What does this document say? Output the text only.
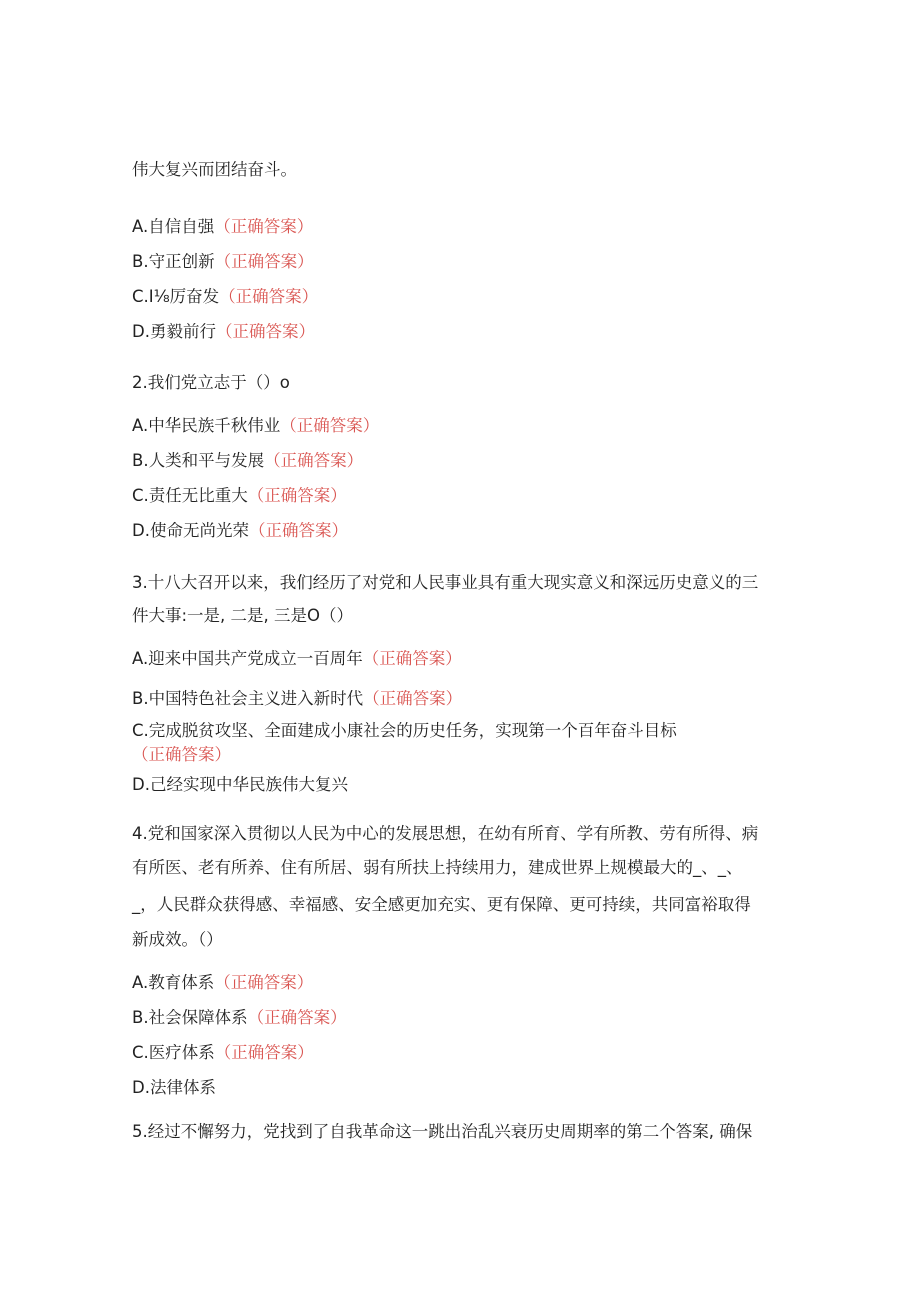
伟大复兴而团结奋斗。
A.自信自强（正确答案）
B.守正创新（正确答案）
C.I⅛厉奋发（正确答案）
D.勇毅前行（正确答案）
2.我们党立志于（）o
A.中华民族千秋伟业（正确答案）
B.人类和平与发展（正确答案）
C.责任无比重大（正确答案）
D.使命无尚光荣（正确答案）
3.十八大召开以来，我们经历了对党和人民事业具有重大现实意义和深远历史意义的三
件大事:一是, 二是, 三是O（）
A.迎来中国共产党成立一百周年（正确答案）
B.中国特色社会主义进入新时代（正确答案）
C.完成脱贫攻坚、全面建成小康社会的历史任务，实现第一个百年奋斗目标（正确答案）
D.己经实现中华民族伟大复兴
4.党和国家深入贯彻以人民为中心的发展思想，在幼有所育、学有所教、劳有所得、病
有所医、老有所养、住有所居、弱有所扶上持续用力，建成世界上规模最大的_、_、
_，人民群众获得感、幸福感、安全感更加充实、更有保障、更可持续，共同富裕取得
新成效。（）
A.教育体系（正确答案）
B.社会保障体系（正确答案）
C.医疗体系（正确答案）
D.法律体系
5.经过不懈努力，党找到了自我革命这一跳出治乱兴衰历史周期率的第二个答案, 确保
